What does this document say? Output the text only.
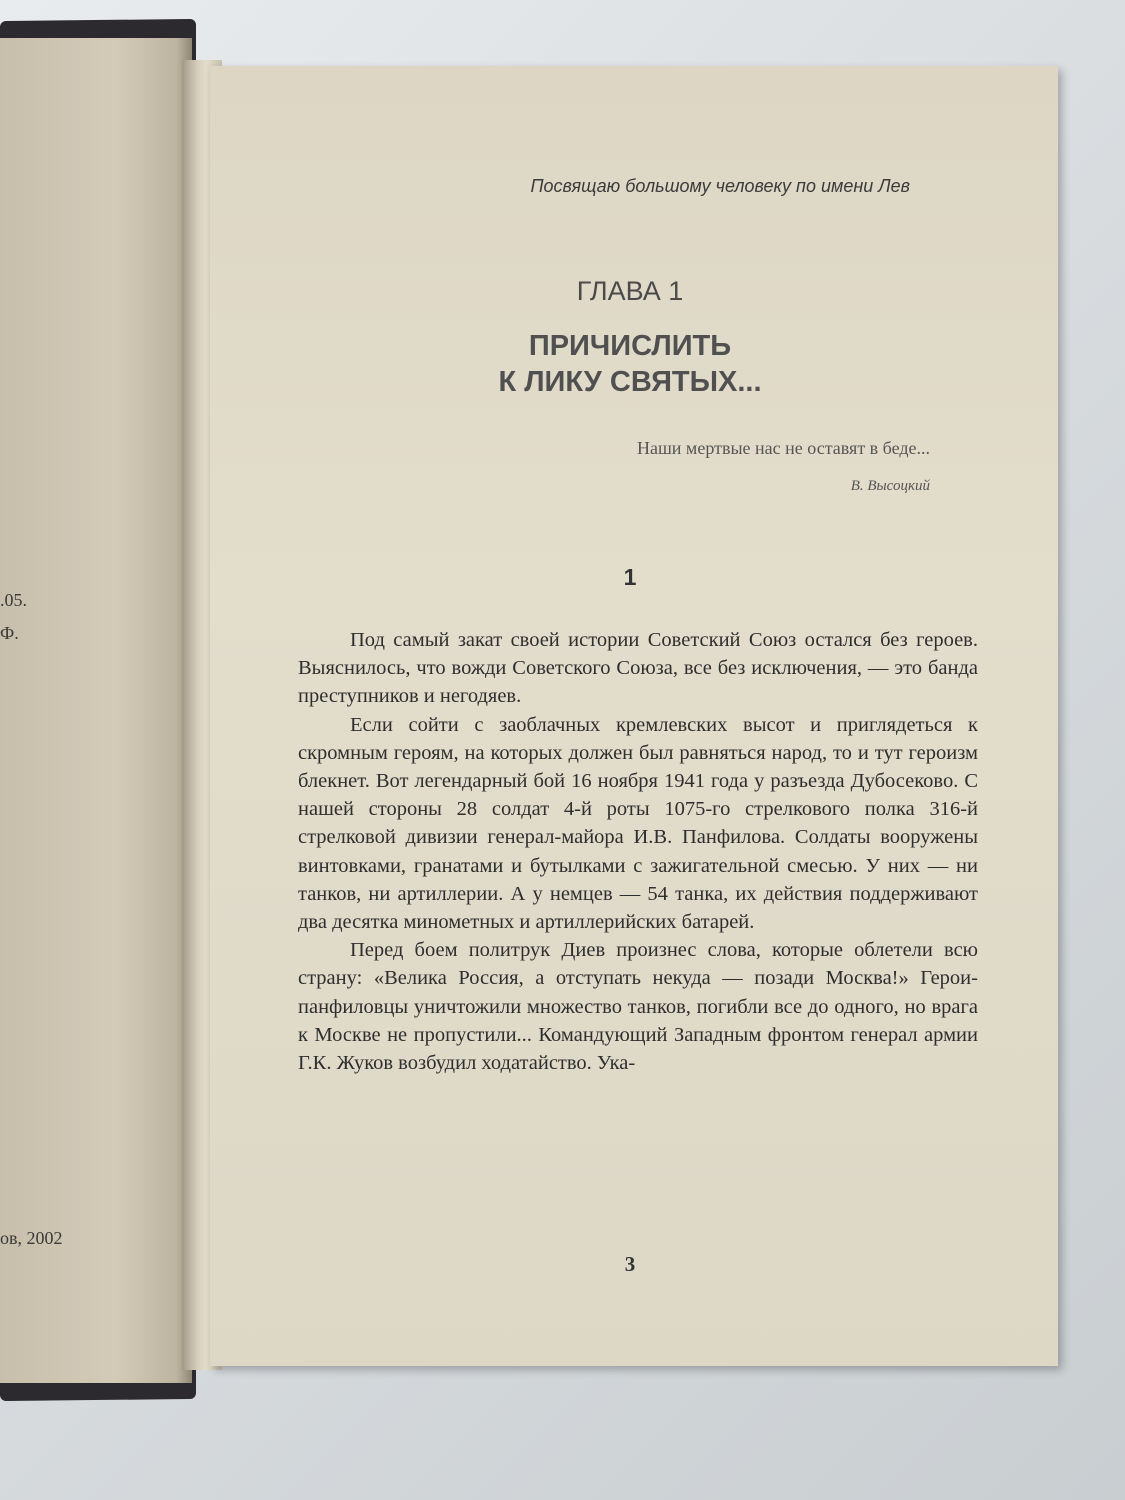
.05.
Ф.
ов, 2002
Посвящаю большому человеку по имени Лев
ГЛАВА 1
ПРИЧИСЛИТЬ
К ЛИКУ СВЯТЫХ...
Наши мертвые нас не оставят в беде...
В. Высоцкий
1

Под самый закат своей истории Советский Союз остался без героев. Выяснилось, что вожди Советского Союза, все без исключения, — это банда преступников и негодяев.

Если сойти с заоблачных кремлевских высот и приглядеться к скромным героям, на которых должен был равняться народ, то и тут героизм блекнет. Вот легендарный бой 16 ноября 1941 года у разъезда Дубосеково. С нашей стороны 28 солдат 4-й роты 1075-го стрелкового полка 316-й стрелковой дивизии генерал-майора И.В. Панфилова. Солдаты вооружены винтовками, гранатами и бутылками с зажигательной смесью. У них — ни танков, ни артиллерии. А у немцев — 54 танка, их действия поддерживают два десятка минометных и артиллерийских батарей.

Перед боем политрук Диев произнес слова, которые облетели всю страну: «Велика Россия, а отступать некуда — позади Москва!» Герои-панфиловцы уничтожили множество танков, погибли все до одного, но врага к Москве не пропустили... Командующий Западным фронтом генерал армии Г.К. Жуков возбудил ходатайство. Ука-

3
